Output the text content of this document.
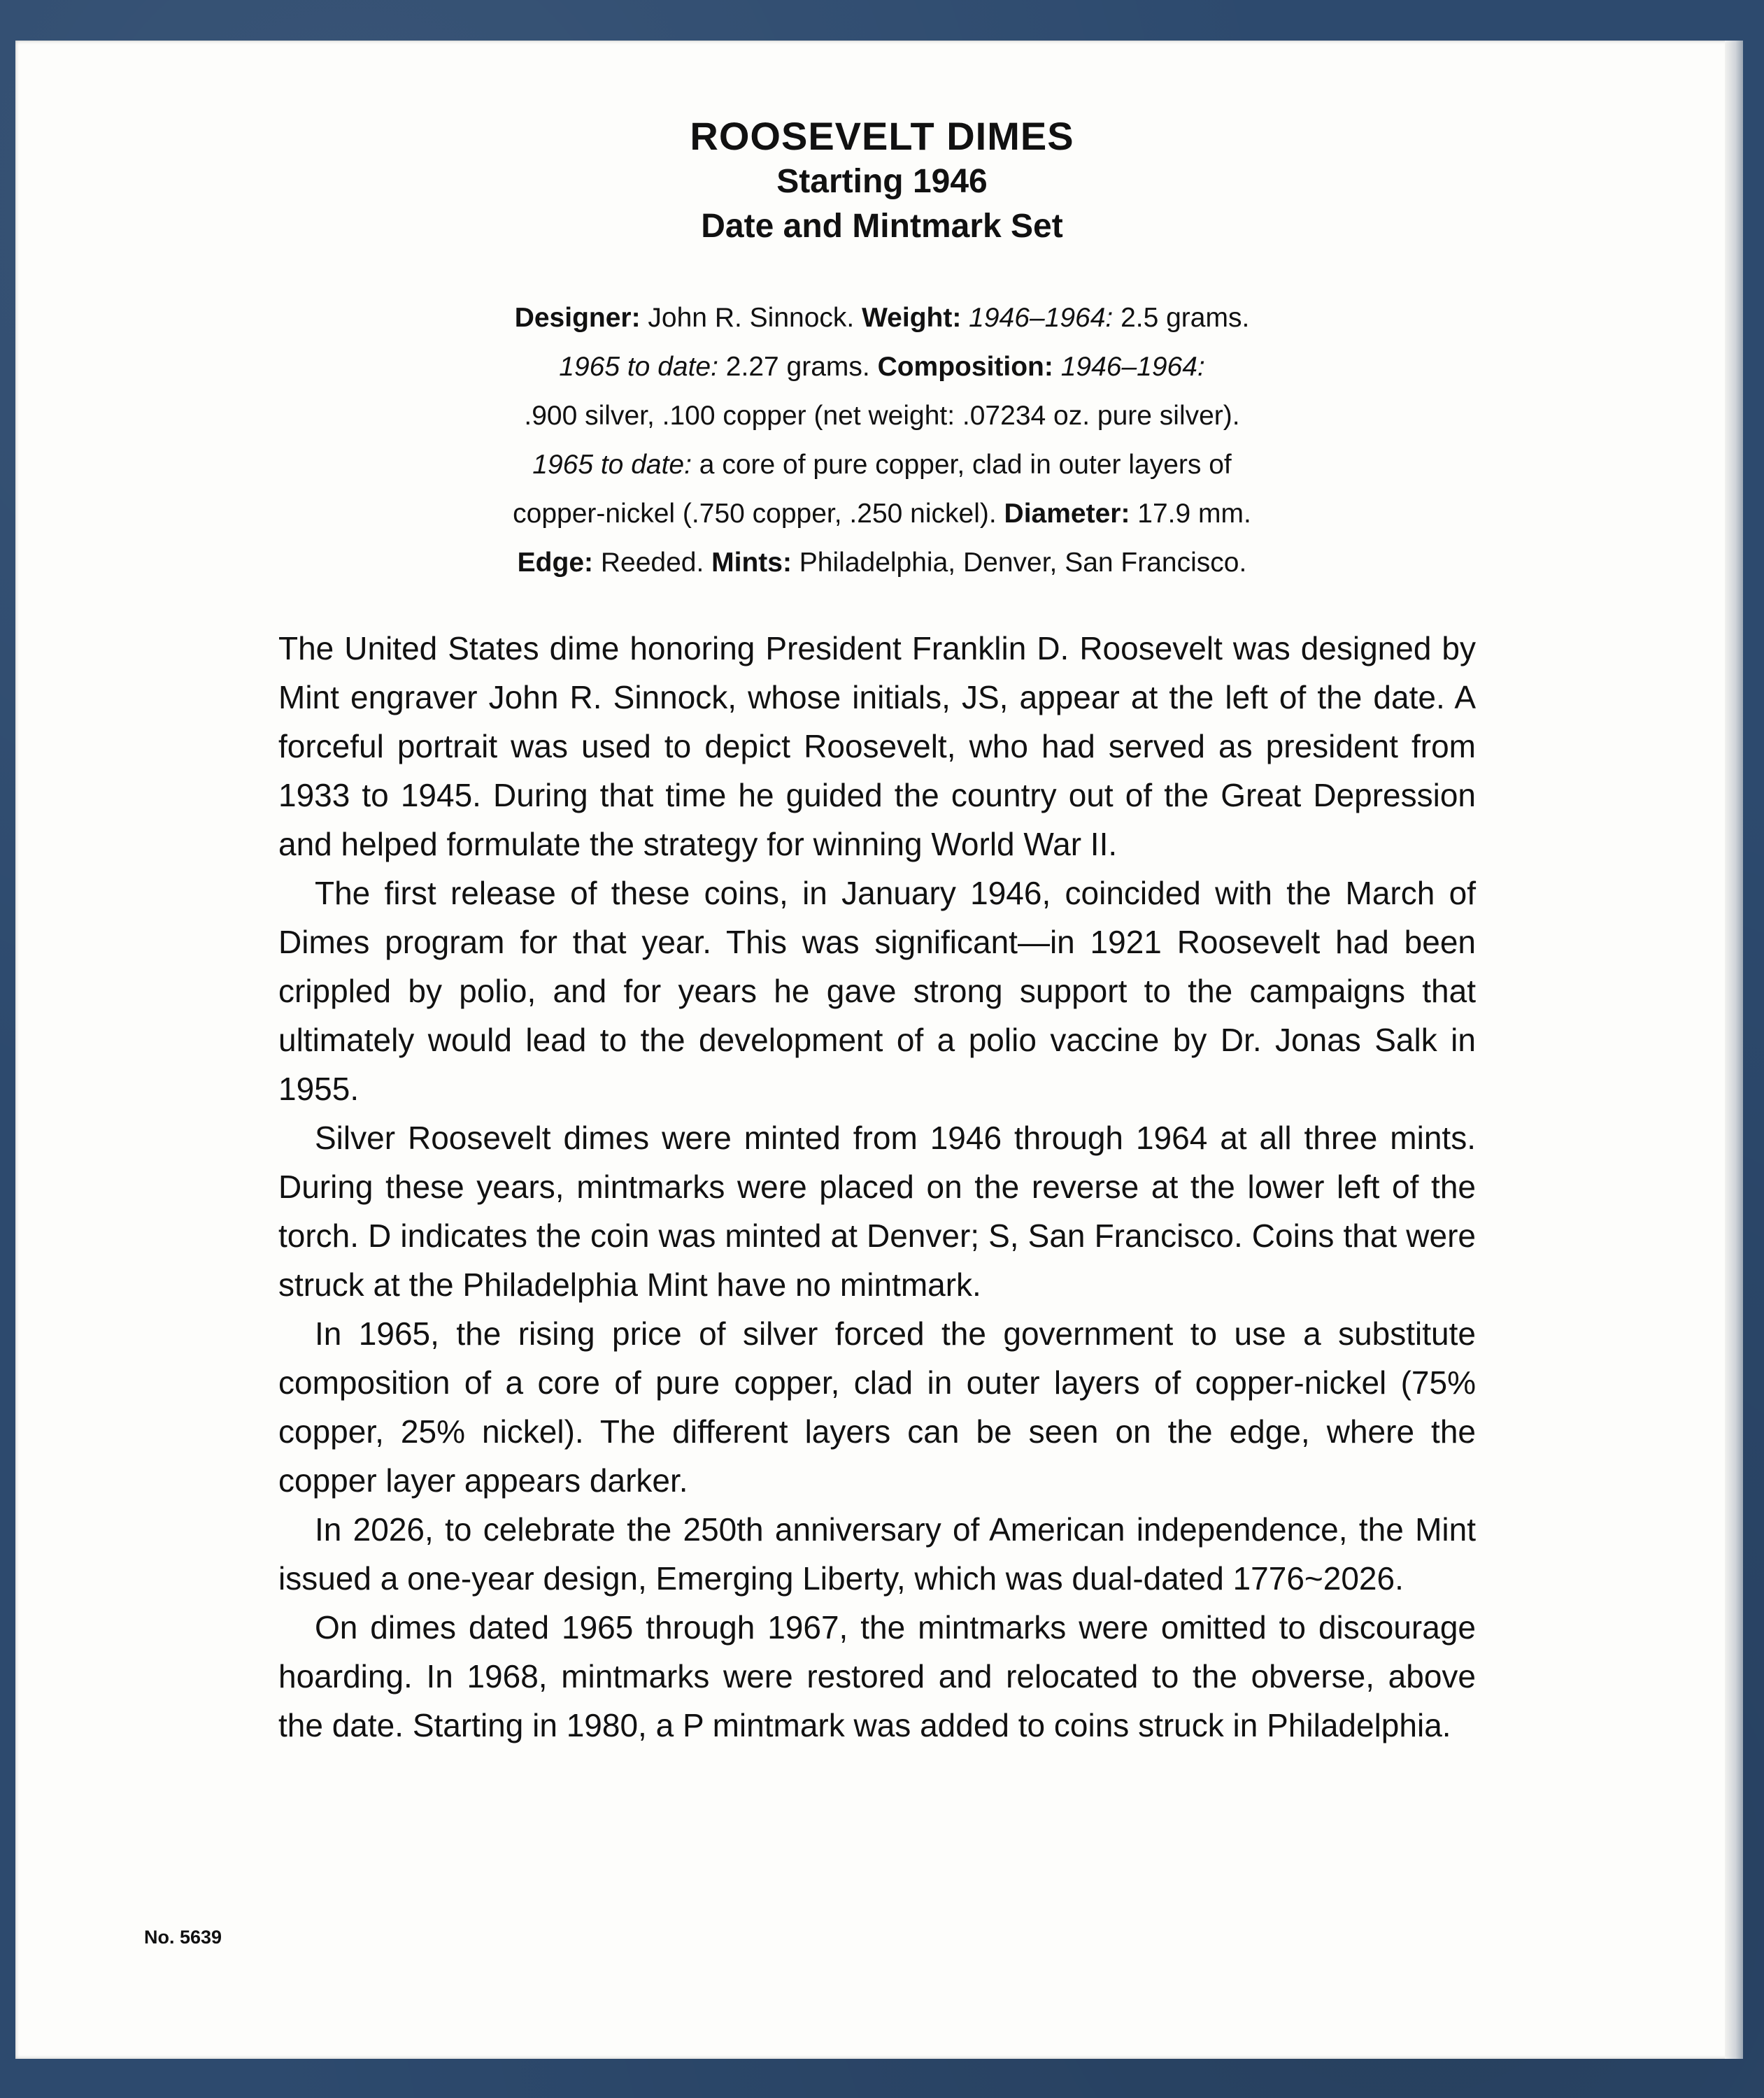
ROOSEVELT DIMES
Starting 1946
Date and Mintmark Set
Designer: John R. Sinnock. Weight: 1946–1964: 2.5 grams.
1965 to date: 2.27 grams. Composition: 1946–1964:
.900 silver, .100 copper (net weight: .07234 oz. pure silver).
1965 to date: a core of pure copper, clad in outer layers of
copper-nickel (.750 copper, .250 nickel). Diameter: 17.9 mm.
Edge: Reeded. Mints: Philadelphia, Denver, San Francisco.

The United States dime honoring President Franklin D. Roosevelt was designed by Mint engraver John R. Sinnock, whose initials, JS, appear at the left of the date. A forceful portrait was used to depict Roosevelt, who had served as president from 1933 to 1945. During that time he guided the country out of the Great Depression and helped formulate the strategy for winning World War II.

The first release of these coins, in January 1946, coincided with the March of Dimes program for that year. This was significant—in 1921 Roosevelt had been crippled by polio, and for years he gave strong support to the campaigns that ultimately would lead to the development of a polio vaccine by Dr. Jonas Salk in 1955.

Silver Roosevelt dimes were minted from 1946 through 1964 at all three mints. During these years, mintmarks were placed on the reverse at the lower left of the torch. D indicates the coin was minted at Denver; S, San Francisco. Coins that were struck at the Philadelphia Mint have no mintmark.

In 1965, the rising price of silver forced the government to use a substitute composition of a core of pure copper, clad in outer layers of copper-nickel (75% copper, 25% nickel). The different layers can be seen on the edge, where the copper layer appears darker.

In 2026, to celebrate the 250th anniversary of American independence, the Mint issued a one-year design, Emerging Liberty, which was dual-dated 1776~2026.

On dimes dated 1965 through 1967, the mintmarks were omitted to discourage hoarding. In 1968, mintmarks were restored and relocated to the obverse, above the date. Starting in 1980, a P mintmark was added to coins struck in Philadelphia.

No. 5639
